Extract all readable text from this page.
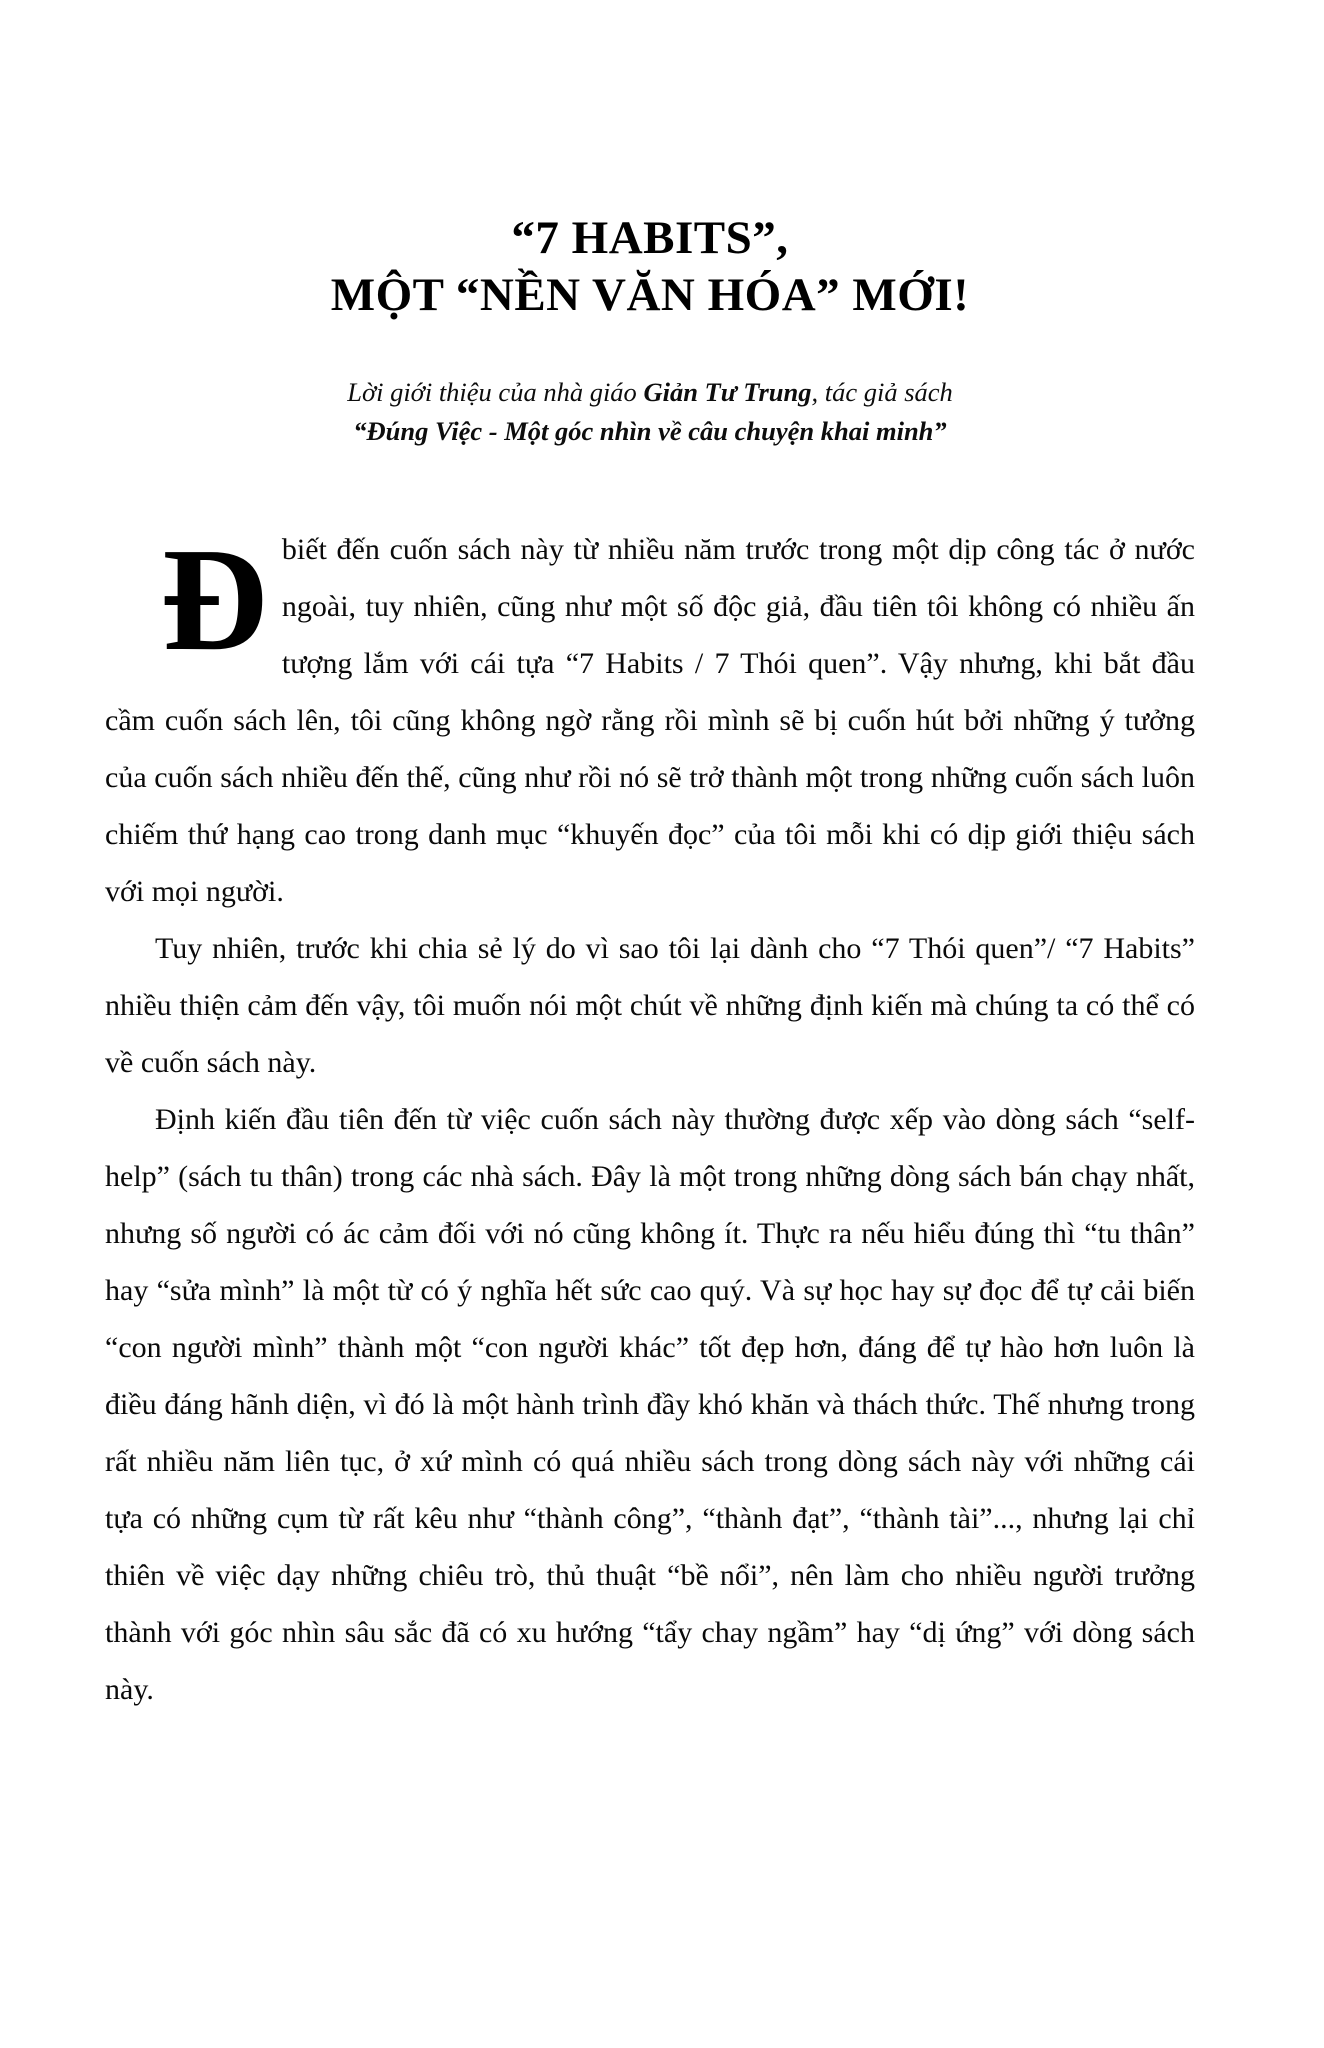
“7 HABITS”,
MỘT “NỀN VĂN HÓA” MỚI!
Lời giới thiệu của nhà giáo Giản Tư Trung, tác giả sách
“Đúng Việc - Một góc nhìn về câu chuyện khai minh”

Đbiết đến cuốn sách này từ nhiều năm trước trong một dịp công tác ở nước ngoài, tuy nhiên, cũng như một số độc giả, đầu tiên tôi không có nhiều ấn tượng lắm với cái tựa “7 Habits / 7 Thói quen”. Vậy nhưng, khi bắt đầu cầm cuốn sách lên, tôi cũng không ngờ rằng rồi mình sẽ bị cuốn hút bởi những ý tưởng của cuốn sách nhiều đến thế, cũng như rồi nó sẽ trở thành một trong những cuốn sách luôn chiếm thứ hạng cao trong danh mục “khuyến đọc” của tôi mỗi khi có dịp giới thiệu sách với mọi người.

Tuy nhiên, trước khi chia sẻ lý do vì sao tôi lại dành cho “7 Thói quen”/ “7 Habits” nhiều thiện cảm đến vậy, tôi muốn nói một chút về những định kiến mà chúng ta có thể có về cuốn sách này.

Định kiến đầu tiên đến từ việc cuốn sách này thường được xếp vào dòng sách “self-help” (sách tu thân) trong các nhà sách. Đây là một trong những dòng sách bán chạy nhất, nhưng số người có ác cảm đối với nó cũng không ít. Thực ra nếu hiểu đúng thì “tu thân” hay “sửa mình” là một từ có ý nghĩa hết sức cao quý. Và sự học hay sự đọc để tự cải biến “con người mình” thành một “con người khác” tốt đẹp hơn, đáng để tự hào hơn luôn là điều đáng hãnh diện, vì đó là một hành trình đầy khó khăn và thách thức. Thế nhưng trong rất nhiều năm liên tục, ở xứ mình có quá nhiều sách trong dòng sách này với những cái tựa có những cụm từ rất kêu như “thành công”, “thành đạt”, “thành tài”..., nhưng lại chỉ thiên về việc dạy những chiêu trò, thủ thuật “bề nổi”, nên làm cho nhiều người trưởng thành với góc nhìn sâu sắc đã có xu hướng “tẩy chay ngầm” hay “dị ứng” với dòng sách này.
